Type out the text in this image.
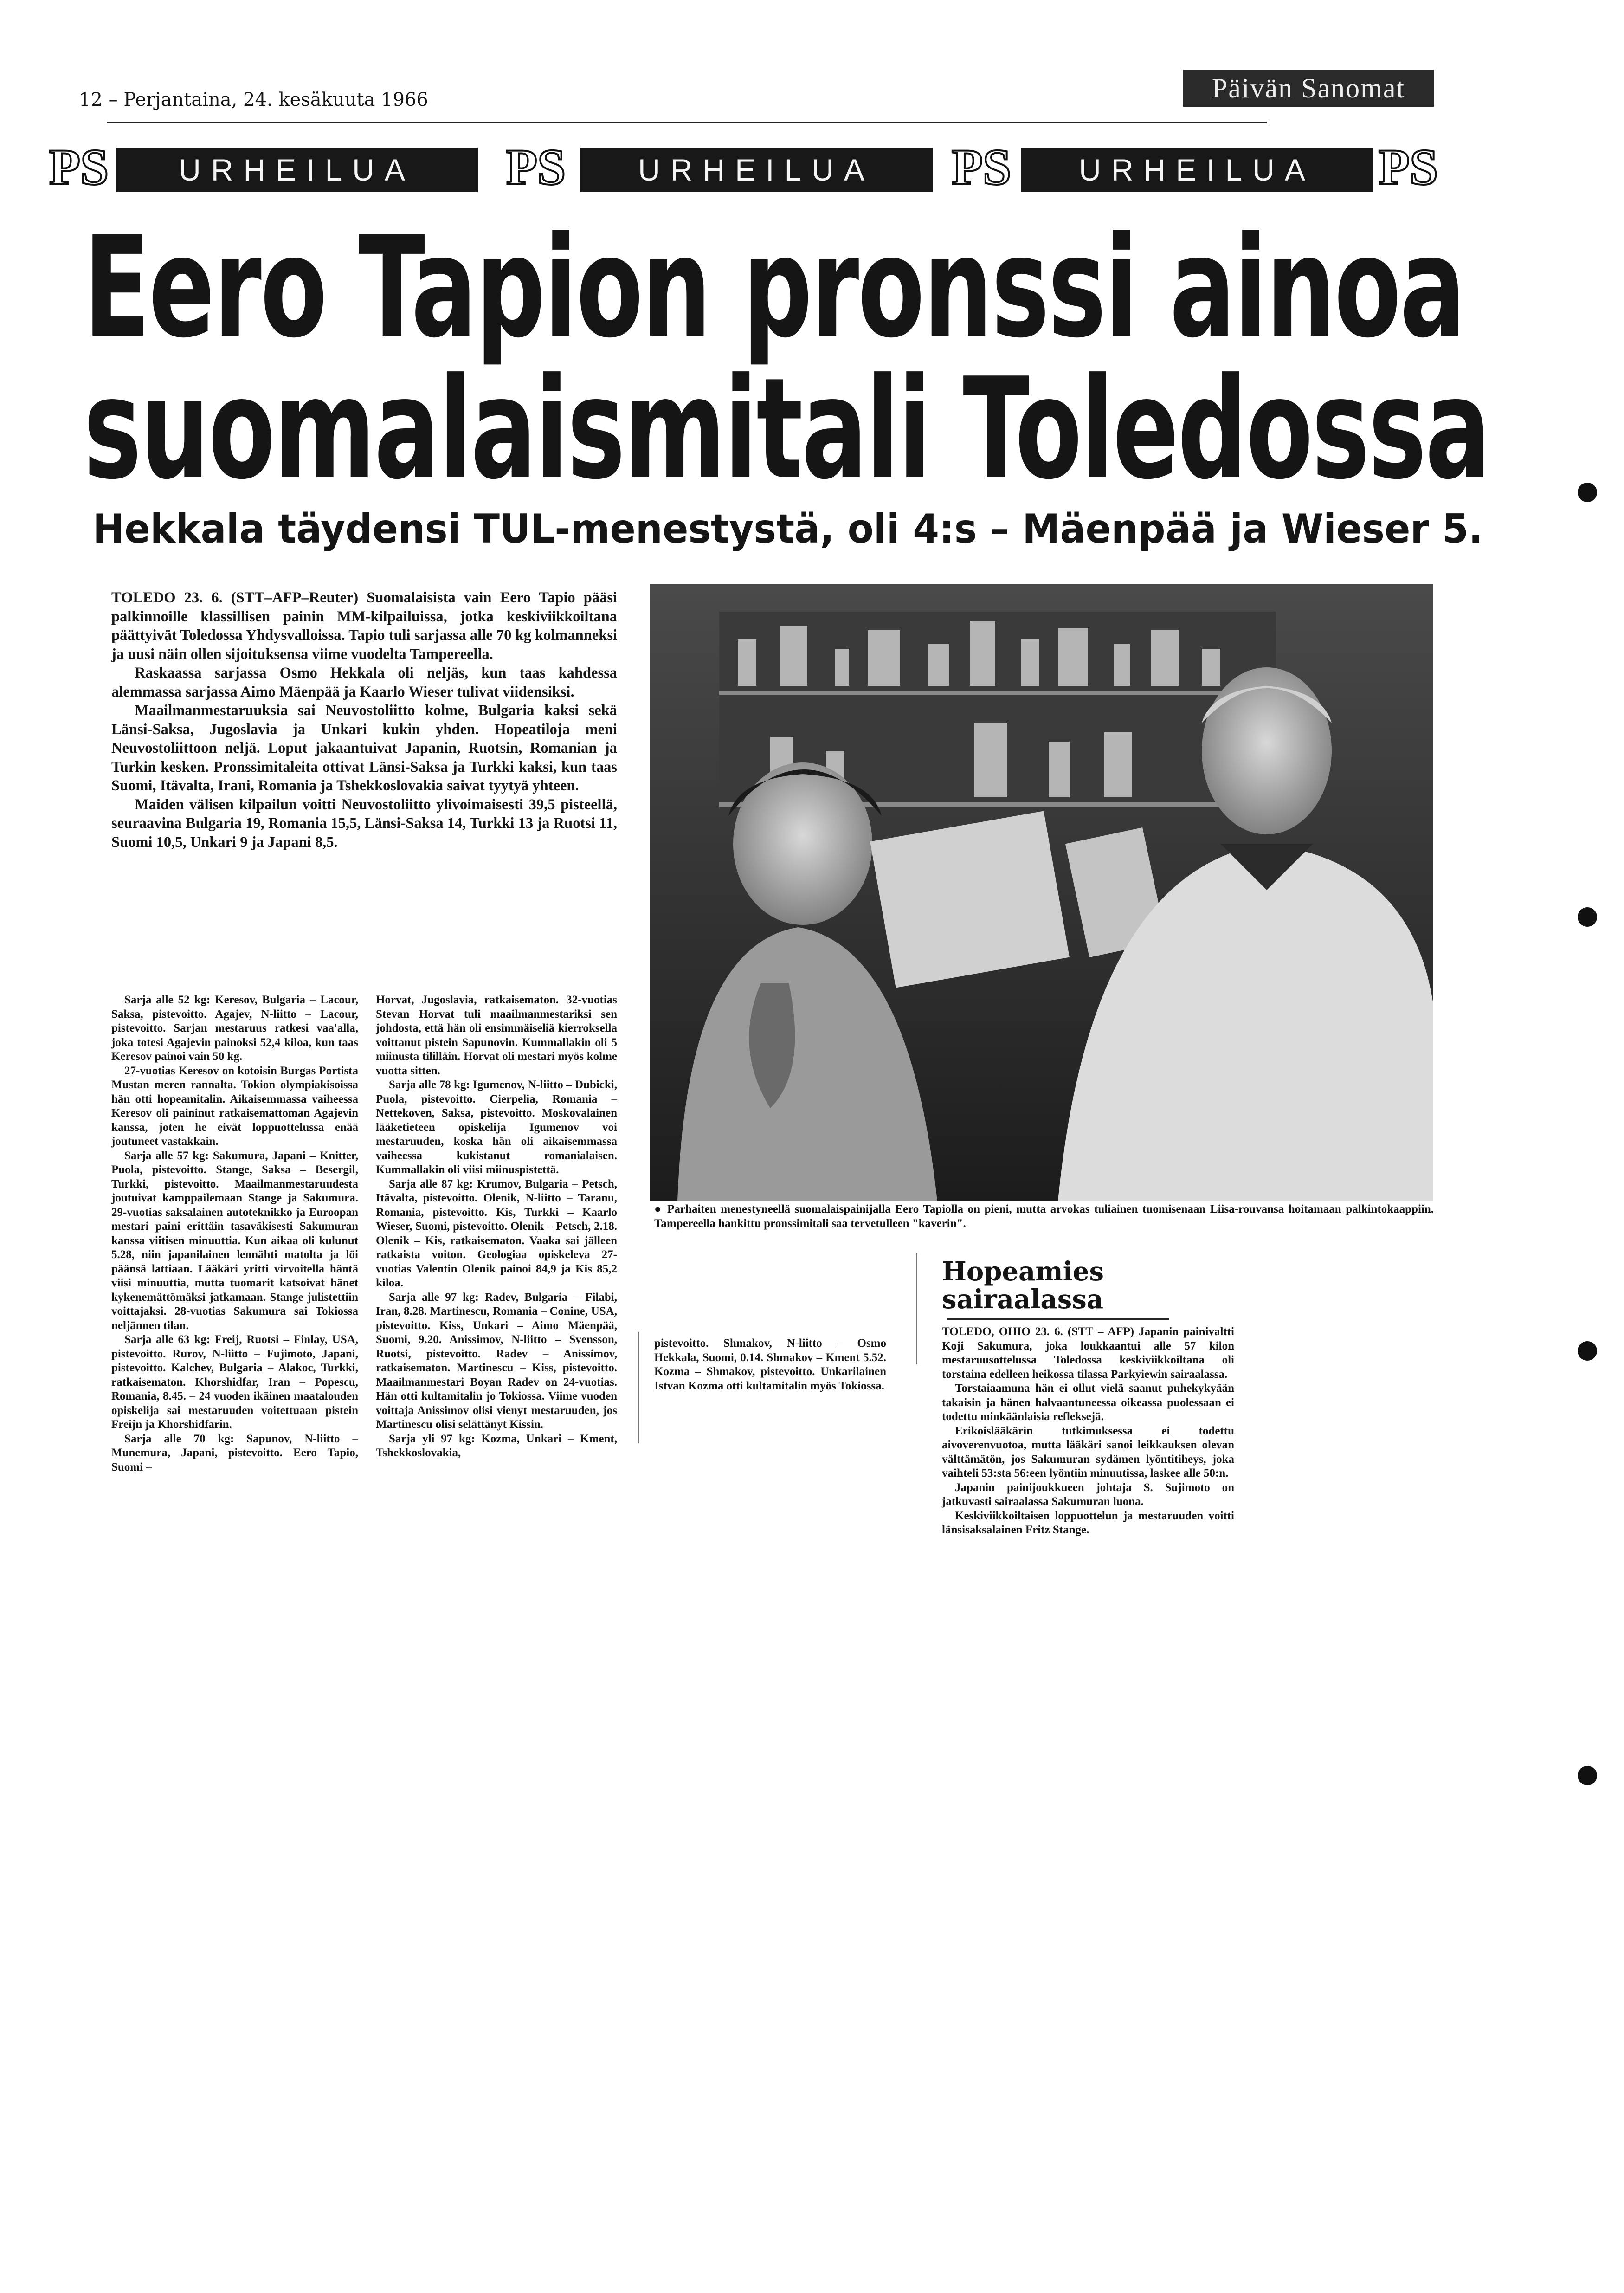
12 – Perjantaina, 24. kesäkuuta 1966	Päivän Sanomat
PS	URHEILUA	PS	URHEILUA	PS	URHEILUA	PS
Eero Tapion pronssi ainoa
suomalaismitali Toledossa
Hekkala täydensi TUL-menestystä, oli 4:s – Mäenpää ja Wieser 5.

TOLEDO 23. 6. (STT–AFP–Reuter) Suomalaisista vain Eero Tapio pääsi palkinnoille klassillisen painin MM-kilpailuissa, jotka keskiviikkoiltana päättyivät Toledossa Yhdysvalloissa. Tapio tuli sarjassa alle 70 kg kolmanneksi ja uusi näin ollen sijoituksensa viime vuodelta Tampereella.

Raskaassa sarjassa Osmo Hekkala oli neljäs, kun taas kahdessa alemmassa sarjassa Aimo Mäenpää ja Kaarlo Wieser tulivat viidensiksi.

Maailmanmestaruuksia sai Neuvostoliitto kolme, Bulgaria kaksi sekä Länsi-Saksa, Jugoslavia ja Unkari kukin yhden. Hopeatiloja meni Neuvostoliittoon neljä. Loput jakaantuivat Japanin, Ruotsin, Romanian ja Turkin kesken. Pronssimitaleita ottivat Länsi-Saksa ja Turkki kaksi, kun taas Suomi, Itävalta, Irani, Romania ja Tshekkoslovakia saivat tyytyä yhteen.

Maiden välisen kilpailun voitti Neuvostoliitto ylivoimaisesti 39,5 pisteellä, seuraavina Bulgaria 19, Romania 15,5, Länsi-Saksa 14, Turkki 13 ja Ruotsi 11, Suomi 10,5, Unkari 9 ja Japani 8,5.

Sarja alle 52 kg: Keresov, Bulgaria – Lacour, Saksa, pistevoitto. Agajev, N-liitto – Lacour, pistevoitto. Sarjan mestaruus ratkesi vaa'alla, joka totesi Agajevin painoksi 52,4 kiloa, kun taas Keresov painoi vain 50 kg.

27-vuotias Keresov on kotoisin Burgas Portista Mustan meren rannalta. Tokion olympiakisoissa hän otti hopeamitalin. Aikaisemmassa vaiheessa Keresov oli paininut ratkaisemattoman Agajevin kanssa, joten he eivät loppuottelussa enää joutuneet vastakkain.

Sarja alle 57 kg: Sakumura, Japani – Knitter, Puola, pistevoitto. Stange, Saksa – Besergil, Turkki, pistevoitto. Maailmanmestaruudesta joutuivat kamppailemaan Stange ja Sakumura. 29-vuotias saksalainen autoteknikko ja Euroopan mestari paini erittäin tasaväkisesti Sakumuran kanssa viitisen minuuttia. Kun aikaa oli kulunut 5.28, niin japanilainen lennähti matolta ja löi päänsä lattiaan. Lääkäri yritti virvoitella häntä viisi minuuttia, mutta tuomarit katsoivat hänet kykenemättömäksi jatkamaan. Stange julistettiin voittajaksi. 28-vuotias Sakumura sai Tokiossa neljännen tilan.

Sarja alle 63 kg: Freij, Ruotsi – Finlay, USA, pistevoitto. Rurov, N-liitto – Fujimoto, Japani, pistevoitto. Kalchev, Bulgaria – Alakoc, Turkki, ratkaisematon. Khorshidfar, Iran – Popescu, Romania, 8.45. – 24 vuoden ikäinen maatalouden opiskelija sai mestaruuden voitettuaan pistein Freijn ja Khorshidfarin.

Sarja alle 70 kg: Sapunov, N-liitto – Munemura, Japani, pistevoitto. Eero Tapio, Suomi –

Horvat, Jugoslavia, ratkaisematon. 32-vuotias Stevan Horvat tuli maailmanmestariksi sen johdosta, että hän oli ensimmäiseliä kierroksella voittanut pistein Sapunovin. Kummallakin oli 5 miinusta tililläin. Horvat oli mestari myös kolme vuotta sitten.

Sarja alle 78 kg: Igumenov, N-liitto – Dubicki, Puola, pistevoitto. Cierpelia, Romania – Nettekoven, Saksa, pistevoitto. Moskovalainen lääketieteen opiskelija Igumenov voi mestaruuden, koska hän oli aikaisemmassa vaiheessa kukistanut romanialaisen. Kummallakin oli viisi miinuspistettä.

Sarja alle 87 kg: Krumov, Bulgaria – Petsch, Itävalta, pistevoitto. Olenik, N-liitto – Taranu, Romania, pistevoitto. Kis, Turkki – Kaarlo Wieser, Suomi, pistevoitto. Olenik – Petsch, 2.18. Olenik – Kis, ratkaisematon. Vaaka sai jälleen ratkaista voiton. Geologiaa opiskeleva 27-vuotias Valentin Olenik painoi 84,9 ja Kis 85,2 kiloa.

Sarja alle 97 kg: Radev, Bulgaria – Filabi, Iran, 8.28. Martinescu, Romania – Conine, USA, pistevoitto. Kiss, Unkari – Aimo Mäenpää, Suomi, 9.20. Anissimov, N-liitto – Svensson, Ruotsi, pistevoitto. Radev – Anissimov, ratkaisematon. Martinescu – Kiss, pistevoitto. Maailmanmestari Boyan Radev on 24-vuotias. Hän otti kultamitalin jo Tokiossa. Viime vuoden voittaja Anissimov olisi vienyt mestaruuden, jos Martinescu olisi selättänyt Kissin.

Sarja yli 97 kg: Kozma, Unkari – Kment, Tshekkoslovakia,

● Parhaiten menestyneellä suomalaispainijalla Eero Tapiolla on pieni, mutta arvokas tuliainen tuomisenaan Liisa-rouvansa hoitamaan palkintokaappiin. Tampereella hankittu pronssimitali saa tervetulleen "kaverin".

pistevoitto. Shmakov, N-liitto – Osmo Hekkala, Suomi, 0.14. Shmakov – Kment 5.52. Kozma – Shmakov, pistevoitto. Unkarilainen Istvan Kozma otti kultamitalin myös Tokiossa.

Hopeamies sairaalassa

TOLEDO, OHIO 23. 6. (STT – AFP) Japanin painivaltti Koji Sakumura, joka loukkaantui alle 57 kilon mestaruusottelussa Toledossa keskiviikkoiltana oli torstaina edelleen heikossa tilassa Parkyiewin sairaalassa.

Torstaiaamuna hän ei ollut vielä saanut puhekykyään takaisin ja hänen halvaantuneessa oikeassa puolessaan ei todettu minkäänlaisia refleksejä.

Erikoislääkärin tutkimuksessa ei todettu aivoverenvuotoa, mutta lääkäri sanoi leikkauksen olevan välttämätön, jos Sakumuran sydämen lyöntitiheys, joka vaihteli 53:sta 56:een lyöntiin minuutissa, laskee alle 50:n.

Japanin painijoukkueen johtaja S. Sujimoto on jatkuvasti sairaalassa Sakumuran luona.

Keskiviikkoiltaisen loppuottelun ja mestaruuden voitti länsisaksalainen Fritz Stange.
